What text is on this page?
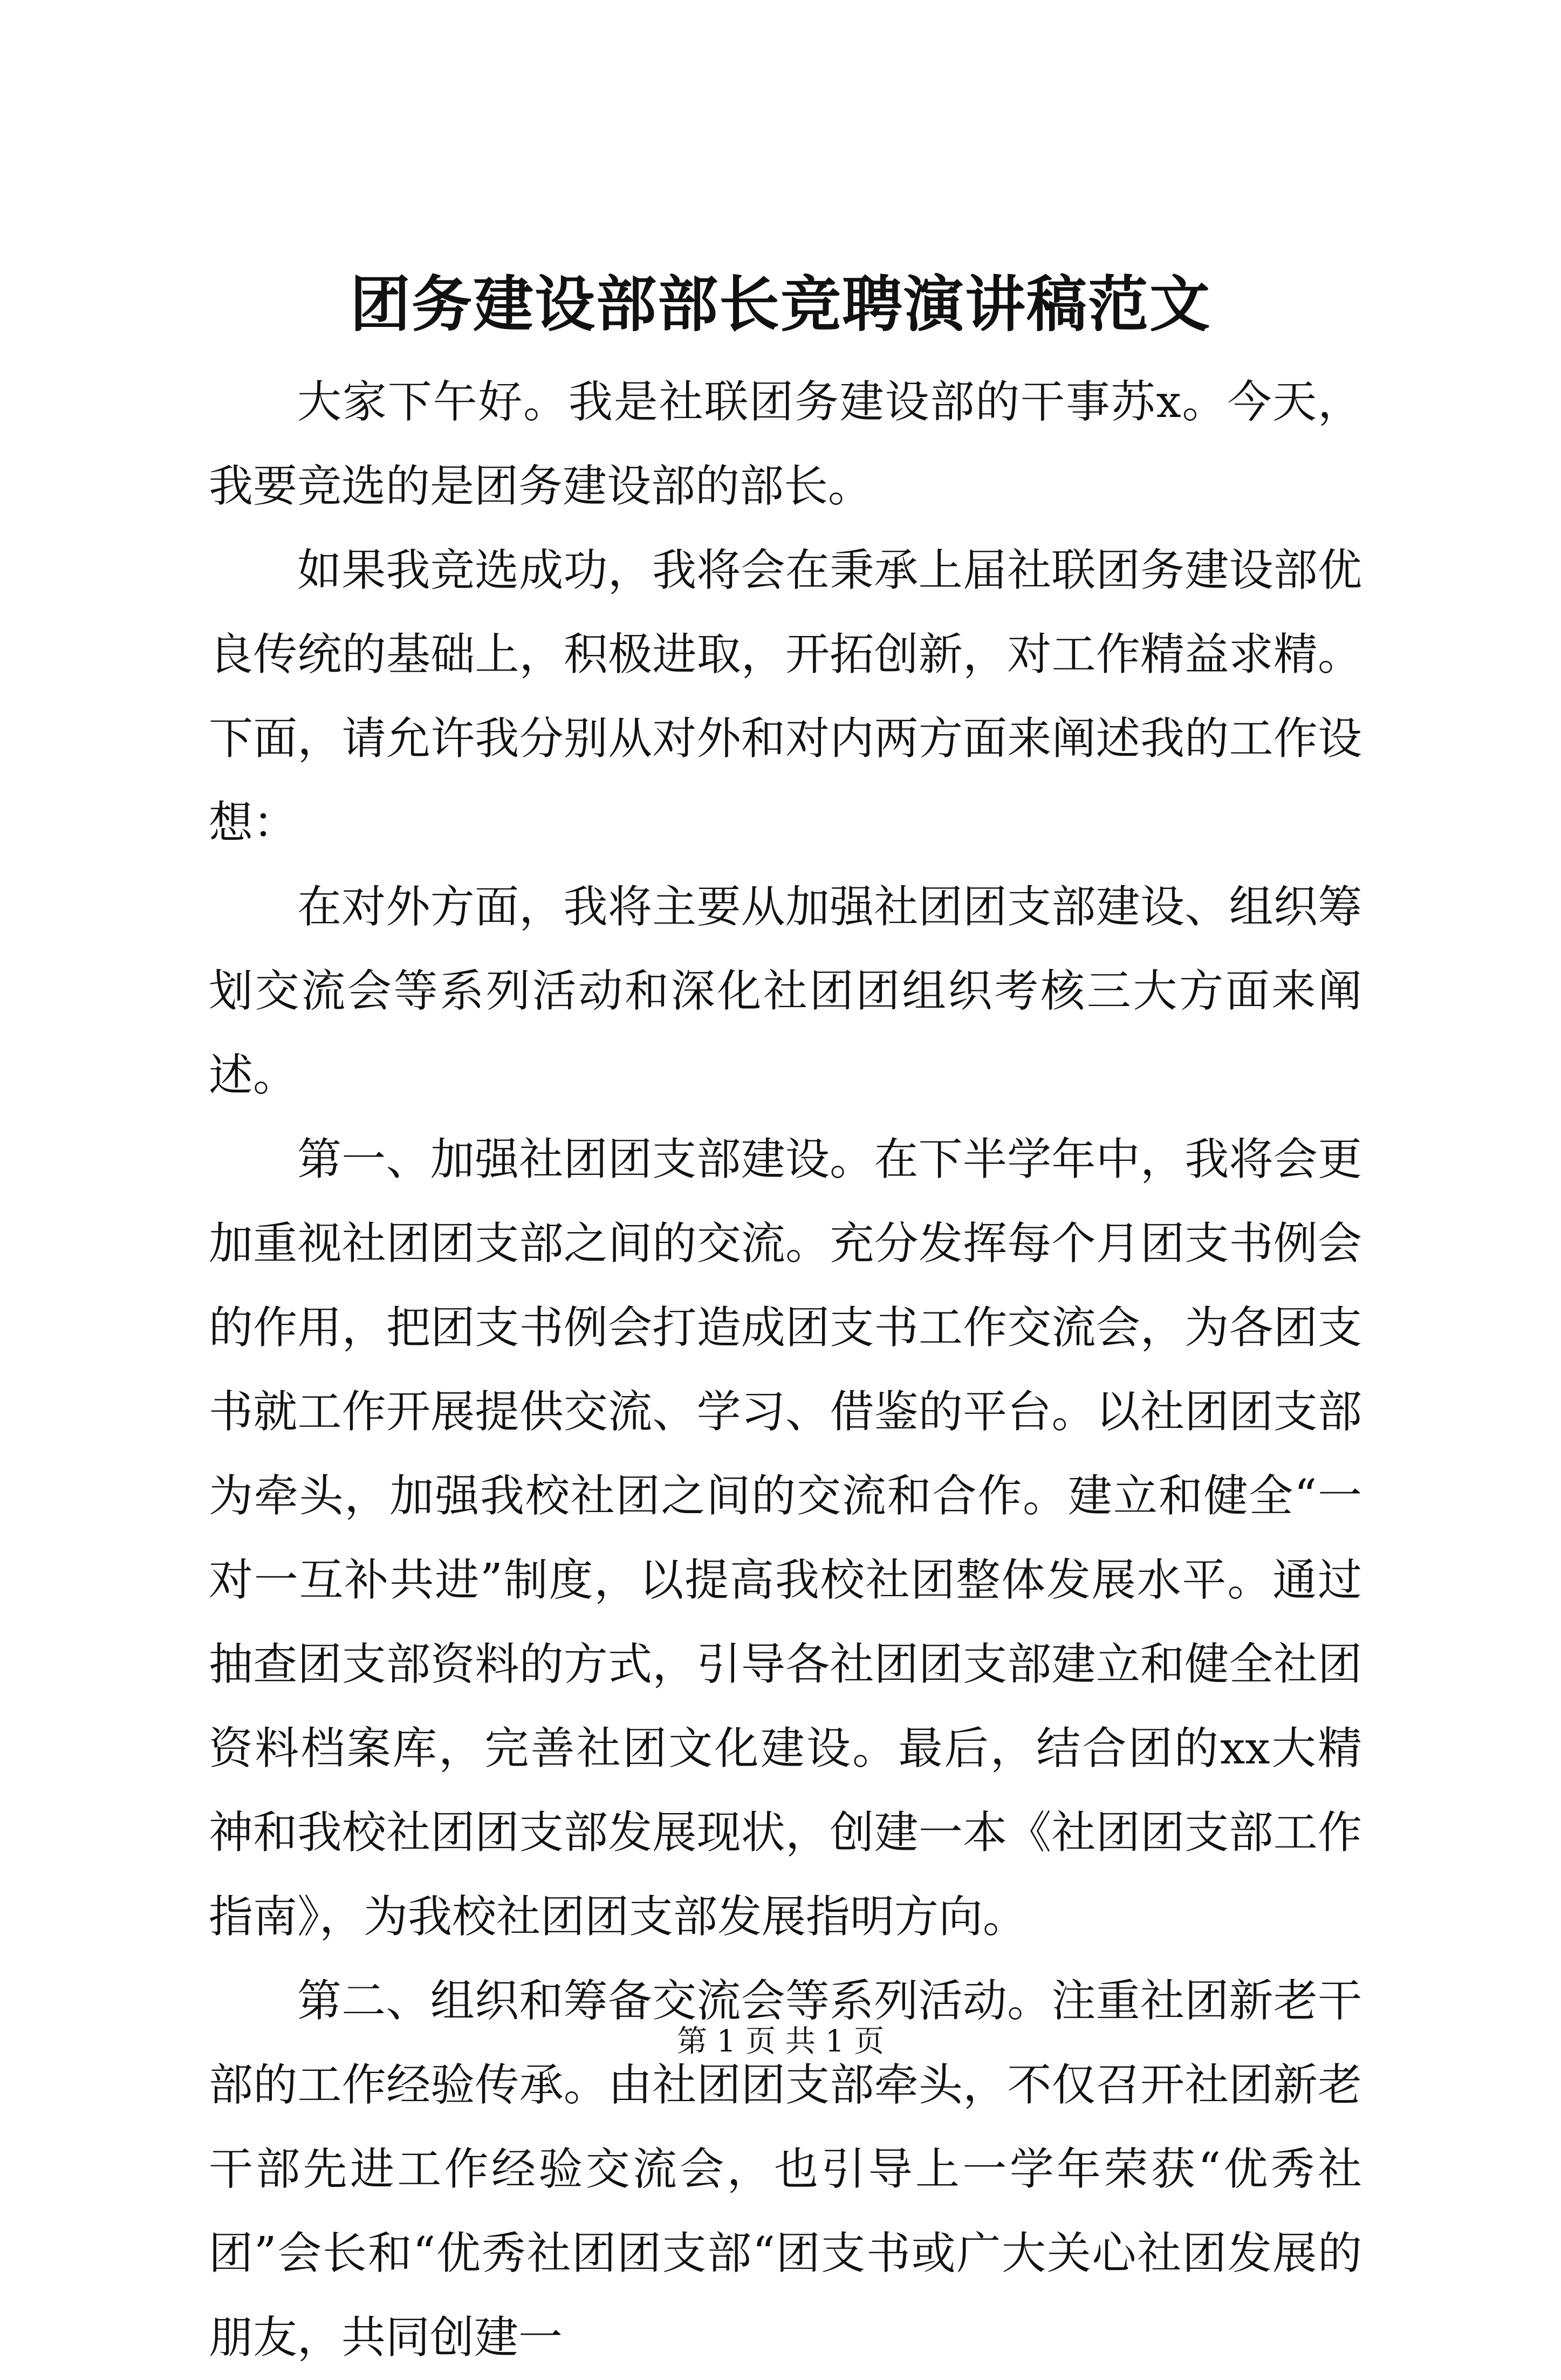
团务建设部部长竞聘演讲稿范文

大家下午好。我是社联团务建设部的干事苏x。今天，我要竞选的是团务建设部的部长。

如果我竞选成功，我将会在秉承上届社联团务建设部优良传统的基础上，积极进取，开拓创新，对工作精益求精。下面，请允许我分别从对外和对内两方面来阐述我的工作设想：

在对外方面，我将主要从加强社团团支部建设、组织筹划交流会等系列活动和深化社团团组织考核三大方面来阐述。

第一、加强社团团支部建设。在下半学年中，我将会更加重视社团团支部之间的交流。充分发挥每个月团支书例会的作用，把团支书例会打造成团支书工作交流会，为各团支书就工作开展提供交流、学习、借鉴的平台。以社团团支部为牵头，加强我校社团之间的交流和合作。建立和健全“一对一互补共进”制度，以提高我校社团整体发展水平。通过抽查团支部资料的方式，引导各社团团支部建立和健全社团资料档案库，完善社团文化建设。最后，结合团的xx大精神和我校社团团支部发展现状，创建一本《社团团支部工作指南》，为我校社团团支部发展指明方向。

第二、组织和筹备交流会等系列活动。注重社团新老干部的工作经验传承。由社团团支部牵头，不仅召开社团新老干部先进工作经验交流会，也引导上一学年荣获“优秀社团”会长和“优秀社团团支部“团支书或广大关心社团发展的朋友，共同创建一

第 1 页 共 1 页
